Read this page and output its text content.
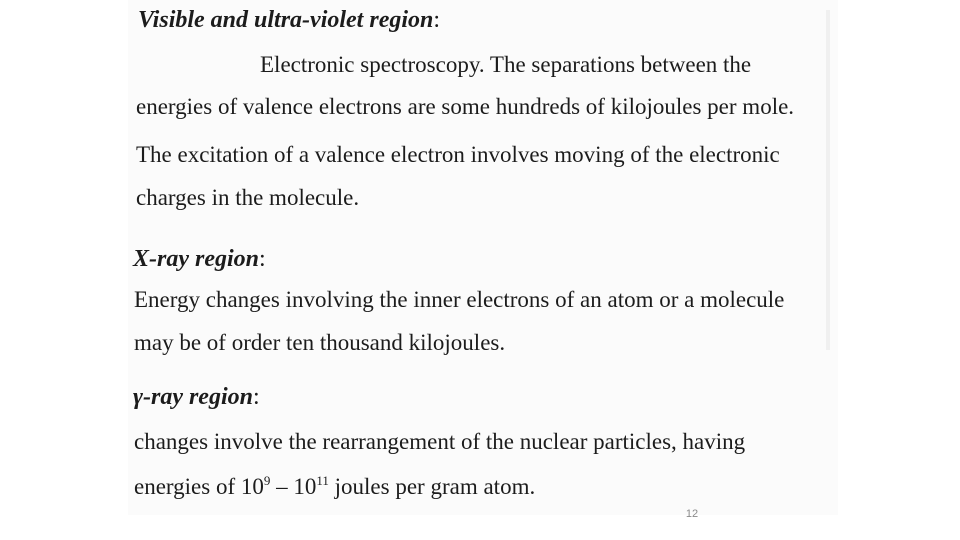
Visible and ultra-violet region:
Electronic spectroscopy. The separations between the
energies of valence electrons are some hundreds of kilojoules per mole.
The excitation of a valence electron involves moving of the electronic
charges in the molecule.
X-ray region:
Energy changes involving the inner electrons of an atom or a molecule
may be of order ten thousand kilojoules.
γ-ray region:
changes involve the rearrangement of the nuclear particles, having
energies of $10^9 - 10^{11}$ joules per gram atom.
12
